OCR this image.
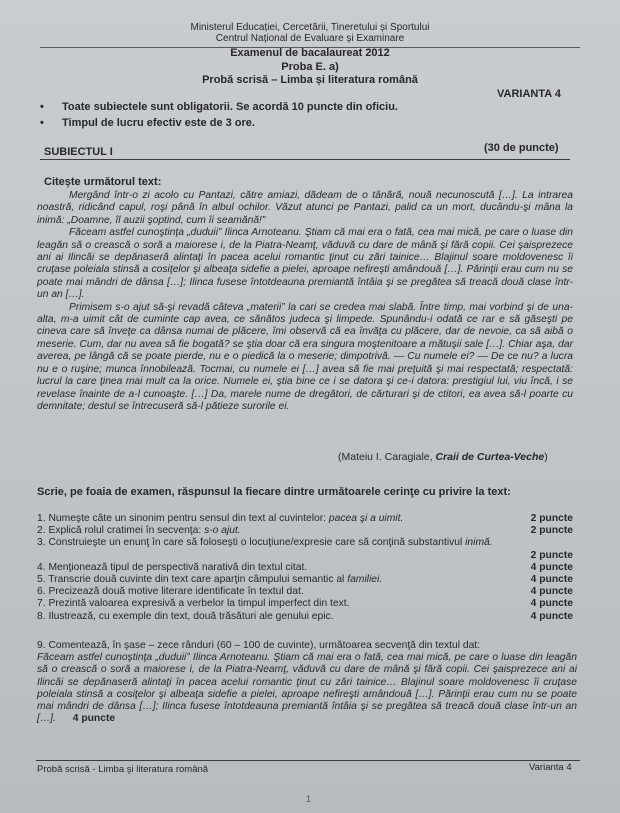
Ministerul Educației, Cercetării, Tineretului și Sportului
Centrul Național de Evaluare și Examinare
Examenul de bacalaureat 2012
Proba E. a)
Probă scrisă – Limba și literatura română
VARIANTA 4
• Toate subiectele sunt obligatorii. Se acordă 10 puncte din oficiu.
• Timpul de lucru efectiv este de 3 ore.
SUBIECTUL I	(30 de puncte)
Citește următorul text:

Mergând într-o zi acolo cu Pantazi, către amiazi, dădeam de o tânără, nouă necunoscută […]. La intrarea noastră, ridicând capul, roşi până în albul ochilor. Văzut atunci pe Pantazi, palid ca un mort, ducându-şi mâna la inimă: „Doamne, îl auzii şoptind, cum îi seamănă!”

Făceam astfel cunoştinţa „duduii” Ilinca Arnoteanu. Ştiam că mai era o fată, cea mai mică, pe care o luase din leagăn să o crească o soră a maiorese i, de la Piatra-Neamţ, văduvă cu dare de mână şi fără copii. Cei şaisprezece ani ai Ilincăi se depănaseră alintaţi în pacea acelui romantic ţinut cu zări tainice… Blajinul soare moldovenesc îi cruţase poleiala stinsă a cosiţelor şi albeaţa sidefie a pielei, aproape nefireşti amândouă […]. Părinţii erau cum nu se poate mai mândri de dânsa […]; Ilinca fusese întotdeauna premiantă întâia şi se pregătea să treacă două clase într-un an […].

Primisem s-o ajut să-şi revadă câteva „materii” la cari se credea mai slabă. Între timp, mai vorbind şi de una-alta, m-a uimit cât de cuminte cap avea, ce sănătos judeca şi limpede. Spunându-i odată ce rar e să găseşti pe cineva care să înveţe ca dânsa numai de plăcere, îmi observă că ea învăţa cu plăcere, dar de nevoie, ca să aibă o meserie. Cum, dar nu avea să fie bogată? se ştia doar că era singura moştenitoare a mătuşii sale […]. Chiar aşa, dar averea, pe lângă că se poate pierde, nu e o piedică la o meserie; dimpotrivă. — Cu numele ei? — De ce nu? a lucra nu e o ruşine; munca înnobilează. Tocmai, cu numele ei […] avea să fie mai preţuită şi mai respectată; respectată: lucrul la care ţinea mai mult ca la orice. Numele ei, ştia bine ce i se datora şi ce-i datora: prestigiul lui, viu încă, i se revelase înainte de a-l cunoaşte. […] Da, marele nume de dregători, de cărturari şi de ctitori, ea avea să-l poarte cu demnitate; destul se întrecuseră să-l pătieze surorile ei.

(Mateiu I. Caragiale, Craii de Curtea-Veche)
Scrie, pe foaia de examen, răspunsul la fiecare dintre următoarele cerinţe cu privire la text:
1. Numeşte câte un sinonim pentru sensul din text al cuvintelor: pacea şi a uimit.	2 puncte
2. Explică rolul cratimei în secvenţa: s-o ajut.	2 puncte
3. Construieşte un enunţ în care să foloseşti o locuţiune/expresie care să conţină substantivul inimă.
2 puncte
4. Menţionează tipul de perspectivă narativă din textul citat.	4 puncte
5. Transcrie două cuvinte din text care aparţin câmpului semantic al familiei.	4 puncte
6. Precizează două motive literare identificate în textul dat.	4 puncte
7. Prezintă valoarea expresivă a verbelor la timpul imperfect din text.	4 puncte
8. Ilustrează, cu exemple din text, două trăsături ale genului epic.	4 puncte
9. Comentează, în şase – zece rânduri (60 – 100 de cuvinte), următoarea secvenţă din textul dat:
Făceam astfel cunoştinţa „duduii” Ilinca Arnoteanu. Ştiam că mai era o fată, cea mai mică, pe care o luase din leagăn să o crească o soră a maiorese i, de la Piatra-Neamţ, văduvă cu dare de mână şi fără copii. Cei şaisprezece ani ai Ilincăi se depănaseră alintaţi în pacea acelui romantic ţinut cu zări tainice… Blajinul soare moldovenesc îi cruţase poleiala stinsă a cosiţelor şi albeaţa sidefie a pielei, aproape nefireşti amândouă […]. Părinţii erau cum nu se poate mai mândri de dânsa […]; Ilinca fusese întotdeauna premiantă întâia şi se pregătea să treacă două clase într-un an […]. 4 puncte
Probă scrisă - Limba şi literatura română	Varianta 4
1
